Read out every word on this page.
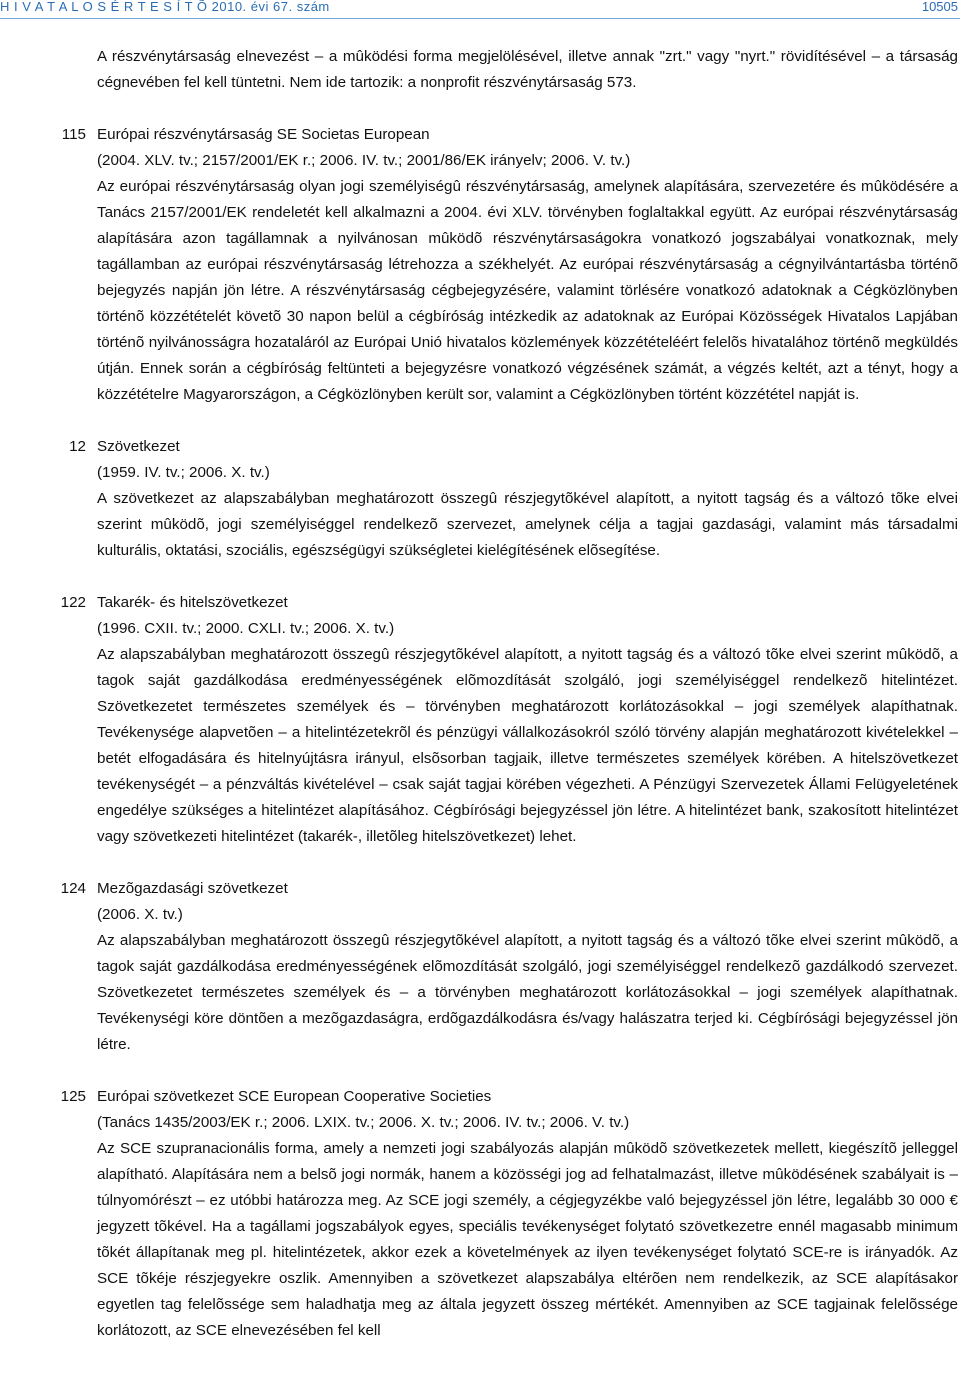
H I V A T A L O S É R T E S Í T Õ 2010. évi 67. szám	10505

A részvénytársaság elnevezést – a mûködési forma megjelölésével, illetve annak "zrt." vagy "nyrt." rövidítésével – a társaság cégnevében fel kell tüntetni. Nem ide tartozik: a nonprofit részvénytársaság 573.

115 Európai részvénytársaság SE Societas European
(2004. XLV. tv.; 2157/2001/EK r.; 2006. IV. tv.; 2001/86/EK irányelv; 2006. V. tv.)
Az európai részvénytársaság olyan jogi személyiségû részvénytársaság, amelynek alapítására, szervezetére és mûködésére a Tanács 2157/2001/EK rendeletét kell alkalmazni a 2004. évi XLV. törvényben foglaltakkal együtt. Az európai részvénytársaság alapítására azon tagállamnak a nyilvánosan mûködõ részvénytársaságokra vonatkozó jogszabályai vonatkoznak, mely tagállamban az európai részvénytársaság létrehozza a székhelyét. Az európai részvénytársaság a cégnyilvántartásba történõ bejegyzés napján jön létre. A részvénytársaság cégbejegyzésére, valamint törlésére vonatkozó adatoknak a Cégközlönyben történõ közzétételét követõ 30 napon belül a cégbíróság intézkedik az adatoknak az Európai Közösségek Hivatalos Lapjában történõ nyilvánosságra hozataláról az Európai Unió hivatalos közlemények közzétételéért felelõs hivatalához történõ megküldés útján. Ennek során a cégbíróság feltünteti a bejegyzésre vonatkozó végzésének számát, a végzés keltét, azt a tényt, hogy a közzétételre Magyarországon, a Cégközlönyben került sor, valamint a Cégközlönyben történt közzététel napját is.
12 Szövetkezet
(1959. IV. tv.; 2006. X. tv.)
A szövetkezet az alapszabályban meghatározott összegû részjegytõkével alapított, a nyitott tagság és a változó tõke elvei szerint mûködõ, jogi személyiséggel rendelkezõ szervezet, amelynek célja a tagjai gazdasági, valamint más társadalmi kulturális, oktatási, szociális, egészségügyi szükségletei kielégítésének elõsegítése.
122 Takarék- és hitelszövetkezet
(1996. CXII. tv.; 2000. CXLI. tv.; 2006. X. tv.)
Az alapszabályban meghatározott összegû részjegytõkével alapított, a nyitott tagság és a változó tõke elvei szerint mûködõ, a tagok saját gazdálkodása eredményességének elõmozdítását szolgáló, jogi személyiséggel rendelkezõ hitelintézet. Szövetkezetet természetes személyek és – törvényben meghatározott korlátozásokkal – jogi személyek alapíthatnak. Tevékenysége alapvetõen – a hitelintézetekrõl és pénzügyi vállalkozásokról szóló törvény alapján meghatározott kivételekkel – betét elfogadására és hitelnyújtásra irányul, elsõsorban tagjaik, illetve természetes személyek körében. A hitelszövetkezet tevékenységét – a pénzváltás kivételével – csak saját tagjai körében végezheti. A Pénzügyi Szervezetek Állami Felügyeletének engedélye szükséges a hitelintézet alapításához. Cégbírósági bejegyzéssel jön létre. A hitelintézet bank, szakosított hitelintézet vagy szövetkezeti hitelintézet (takarék-, illetõleg hitelszövetkezet) lehet.
124 Mezõgazdasági szövetkezet
(2006. X. tv.)
Az alapszabályban meghatározott összegû részjegytõkével alapított, a nyitott tagság és a változó tõke elvei szerint mûködõ, a tagok saját gazdálkodása eredményességének elõmozdítását szolgáló, jogi személyiséggel rendelkezõ gazdálkodó szervezet. Szövetkezetet természetes személyek és – a törvényben meghatározott korlátozásokkal – jogi személyek alapíthatnak. Tevékenységi köre döntõen a mezõgazdaságra, erdõgazdálkodásra és/vagy halászatra terjed ki. Cégbírósági bejegyzéssel jön létre.
125 Európai szövetkezet SCE European Cooperative Societies
(Tanács 1435/2003/EK r.; 2006. LXIX. tv.; 2006. X. tv.; 2006. IV. tv.; 2006. V. tv.)
Az SCE szupranacionális forma, amely a nemzeti jogi szabályozás alapján mûködõ szövetkezetek mellett, kiegészítõ jelleggel alapítható. Alapítására nem a belsõ jogi normák, hanem a közösségi jog ad felhatalmazást, illetve mûködésének szabályait is – túlnyomórészt – ez utóbbi határozza meg. Az SCE jogi személy, a cégjegyzékbe való bejegyzéssel jön létre, legalább 30 000 € jegyzett tõkével. Ha a tagállami jogszabályok egyes, speciális tevékenységet folytató szövetkezetre ennél magasabb minimum tõkét állapítanak meg pl. hitelintézetek, akkor ezek a követelmények az ilyen tevékenységet folytató SCE-re is irányadók. Az SCE tõkéje részjegyekre oszlik. Amennyiben a szövetkezet alapszabálya eltérõen nem rendelkezik, az SCE alapításakor egyetlen tag felelõssége sem haladhatja meg az általa jegyzett összeg mértékét. Amennyiben az SCE tagjainak felelõssége korlátozott, az SCE elnevezésében fel kell
